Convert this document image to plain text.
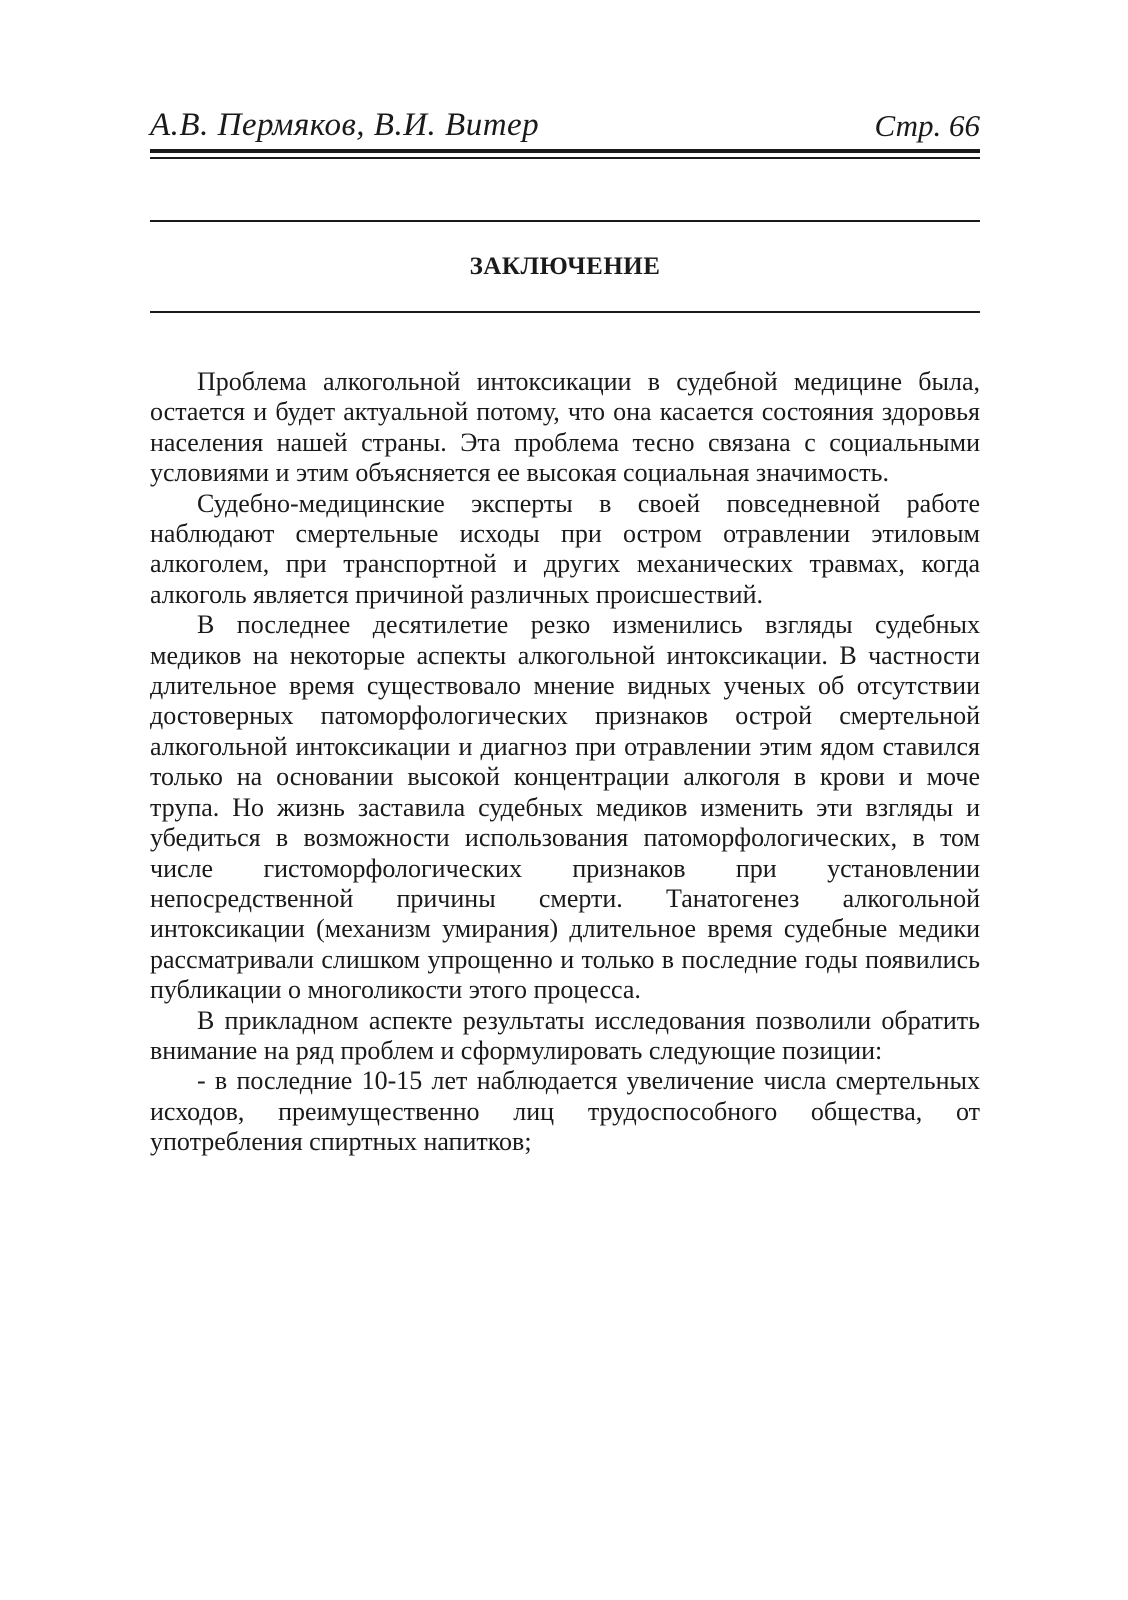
А.В. Пермяков, В.И. Витер	Стр. 66
ЗАКЛЮЧЕНИЕ

Проблема алкогольной интоксикации в судебной медицине была, остается и будет актуальной потому, что она касается состояния здоровья населения нашей страны. Эта проблема тесно связана с социальными условиями и этим объясняется ее высокая социальная значимость.

Судебно-медицинские эксперты в своей повседневной работе наблюдают смертельные исходы при остром отравлении этиловым алкоголем, при транспортной и других механических травмах, когда алкоголь является причиной различных происшествий.

В последнее десятилетие резко изменились взгляды судебных медиков на некоторые аспекты алкогольной интоксикации. В частности длительное время существовало мнение видных ученых об отсутствии достоверных патоморфологических признаков острой смертельной алкогольной интоксикации и диагноз при отравлении этим ядом ставился только на основании высокой концентрации алкоголя в крови и моче трупа. Но жизнь заставила судебных медиков изменить эти взгляды и убедиться в возможности использования патоморфологических, в том числе гистоморфологических признаков при установлении непосредственной причины смерти. Танатогенез алкогольной интоксикации (механизм умирания) длительное время судебные медики рассматривали слишком упрощенно и только в последние годы появились публикации о многоликости этого процесса.

В прикладном аспекте результаты исследования позволили обратить внимание на ряд проблем и сформулировать следующие позиции:

- в последние 10-15 лет наблюдается увеличение числа смертельных исходов, преимущественно лиц трудоспособного общества, от употребления спиртных напитков;
